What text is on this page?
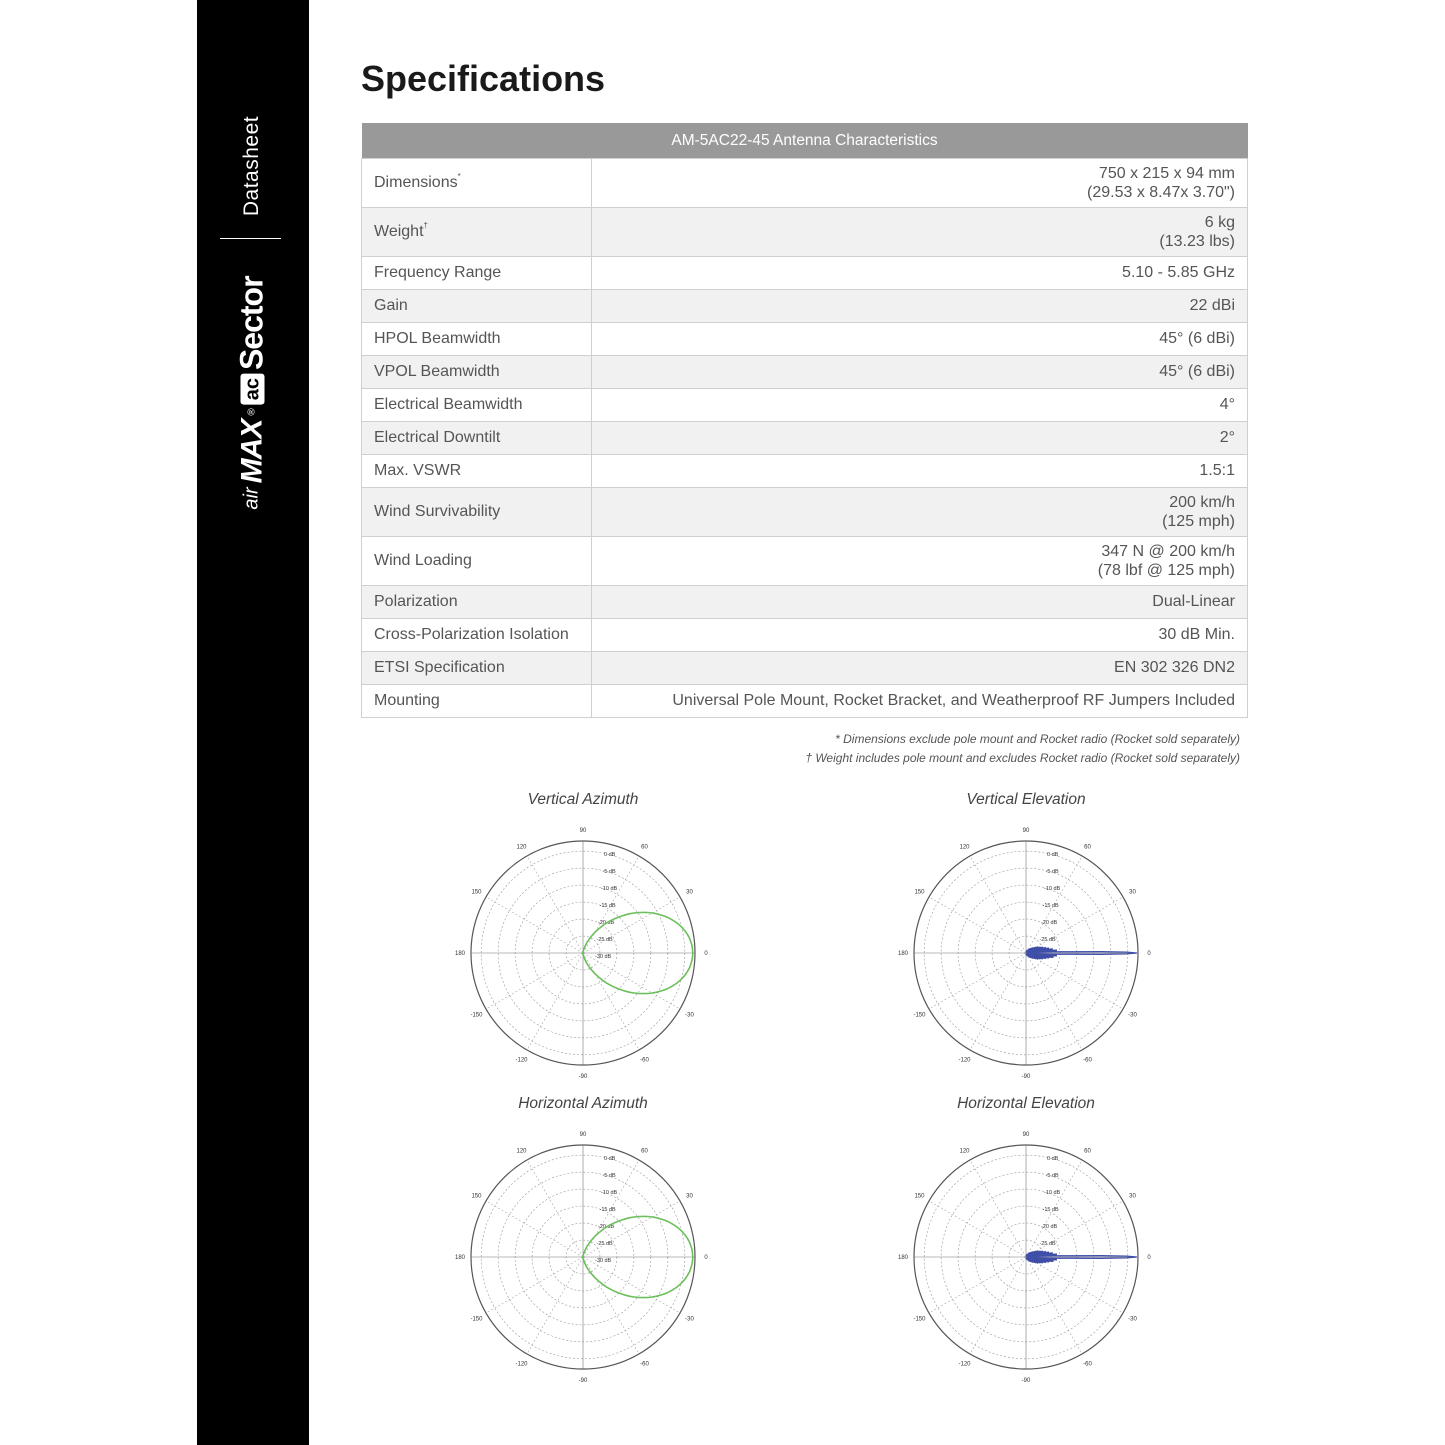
Datasheet
air
MAX
®
ac
Sector
Specifications
AM-5AC22-45 Antenna Characteristics	
Dimensions*	750 x 215 x 94 mm
(29.53 x 8.47x 3.70")

Weight†	6 kg
(13.23 lbs)

Frequency Range	5.10 - 5.85 GHz
Gain	22 dBi
HPOL Beamwidth	45° (6 dBi)
VPOL Beamwidth	45° (6 dBi)
Electrical Beamwidth	4°
Electrical Downtilt	2°
Max. VSWR	1.5:1
Wind Survivability	200 km/h
(125 mph)

Wind Loading	347 N @ 200 km/h
(78 lbf @ 125 mph)

Polarization	Dual-Linear
Cross-Polarization Isolation	30 dB Min.
ETSI Specification	EN 302 326 DN2
Mounting	Universal Pole Mount, Rocket Bracket, and Weatherproof RF Jumpers Included
* Dimensions exclude pole mount and Rocket radio (Rocket sold separately)
† Weight includes pole mount and excludes Rocket radio (Rocket sold separately)
Vertical Azimuth	Vertical Elevation
Horizontal Azimuth	Horizontal Elevation
90
60
30
0
-30
-60
-90
-120
-150
180
150
120
0 dB
-5 dB
-10 dB
-15 dB
-20 dB
-25 dB
-30 dB
90
60
30
0
-30
-60
-90
-120
-150
180
150
120
0 dB
-5 dB
-10 dB
-15 dB
-20 dB
-25 dB
-30 dB
90
60
30
0
-30
-60
-90
-120
-150
180
150
120
0 dB
-5 dB
-10 dB
-15 dB
-20 dB
-25 dB
-30 dB
90
60
30
0
-30
-60
-90
-120
-150
180
150
120
0 dB
-5 dB
-10 dB
-15 dB
-20 dB
-25 dB
-30 dB
